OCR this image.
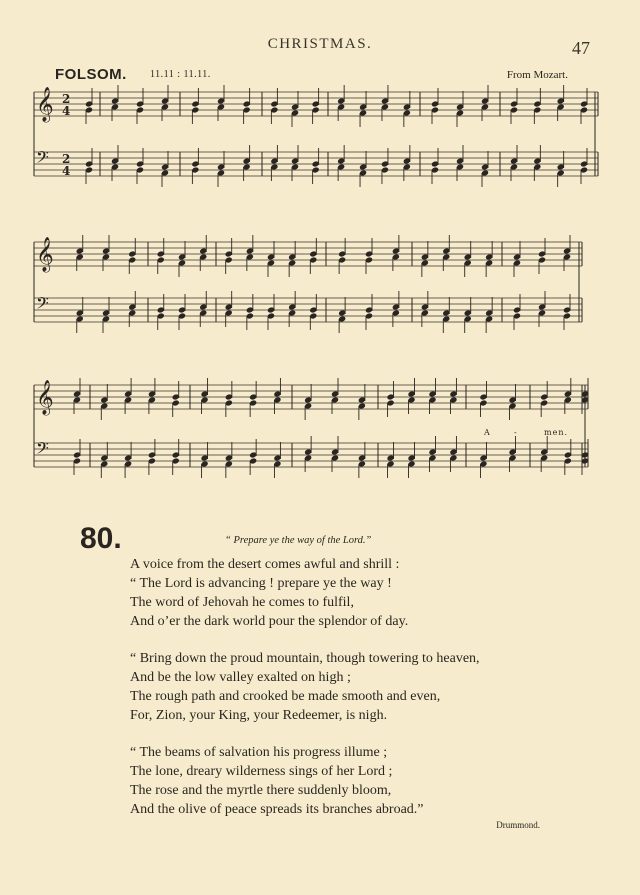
CHRISTMAS.	47
FOLSOM. 11.11 : 11.11.	From Mozart.
𝄞 2
4
𝄢 2
4
𝄞
𝄢
𝄞
𝄢
A	-	men.
80.	“ Prepare ye the way of the Lord.”
A voice from the desert comes awful and shrill :
“ The Lord is advancing ! prepare ye the way !
The word of Jehovah he comes to fulfil,
And o’er the dark world pour the splendor of day.
“ Bring down the proud mountain, though towering to heaven,
And be the low valley exalted on high ;
The rough path and crooked be made smooth and even,
For, Zion, your King, your Redeemer, is nigh.
“ The beams of salvation his progress illume ;
The lone, dreary wilderness sings of her Lord ;
The rose and the myrtle there suddenly bloom,
And the olive of peace spreads its branches abroad.”
Drummond.
